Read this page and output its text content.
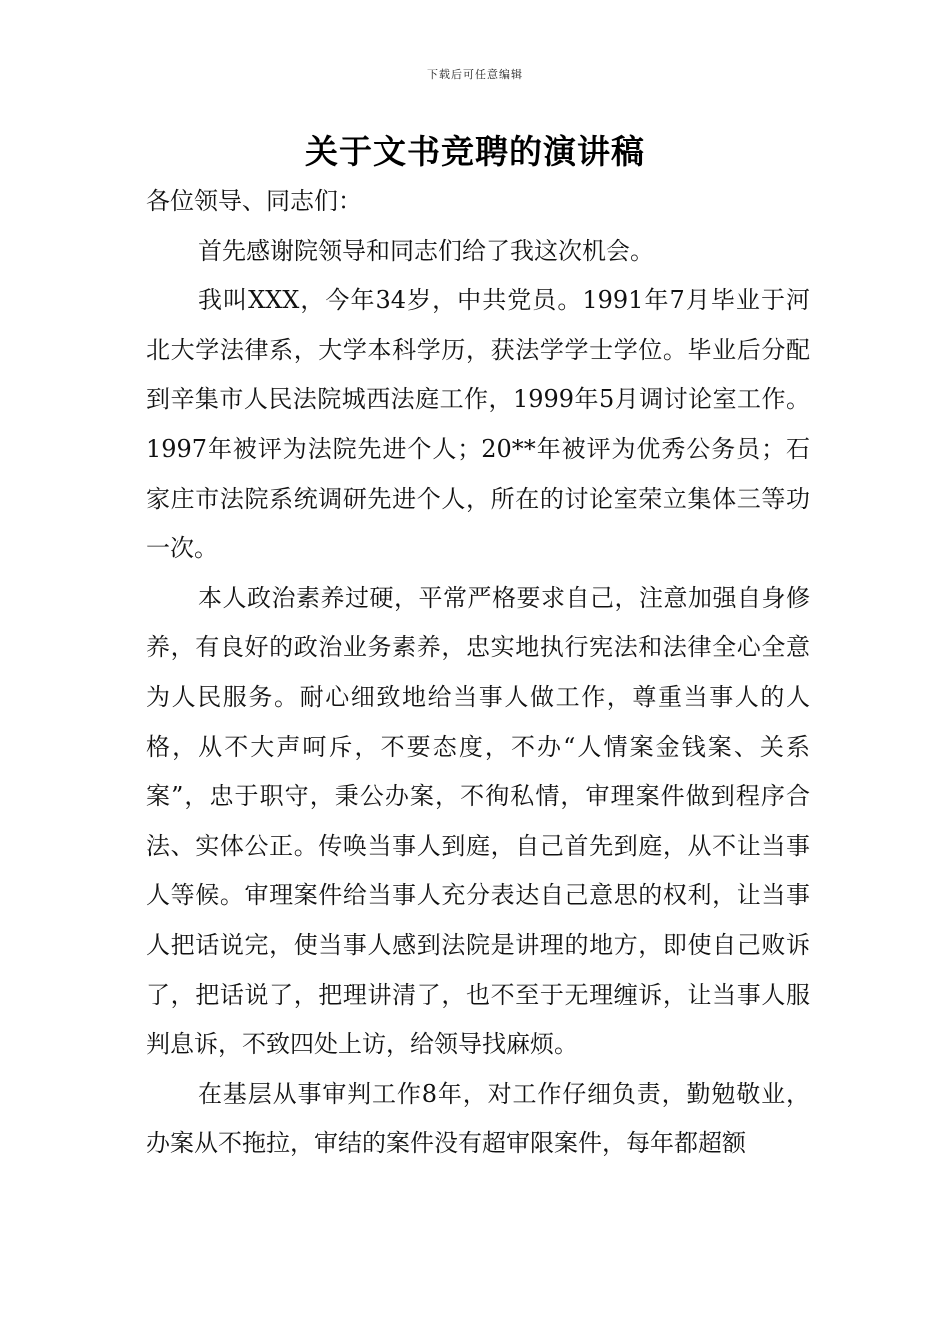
下载后可任意编辑
关于文书竞聘的演讲稿

各位领导、同志们：

首先感谢院领导和同志们给了我这次机会。

我叫XXX，今年34岁，中共党员。1991年7月毕业于河北大学法律系，大学本科学历，获法学学士学位。毕业后分配到辛集市人民法院城西法庭工作，1999年5月调讨论室工作。1997年被评为法院先进个人；20**年被评为优秀公务员；石家庄市法院系统调研先进个人，所在的讨论室荣立集体三等功一次。

本人政治素养过硬，平常严格要求自己，注意加强自身修养，有良好的政治业务素养，忠实地执行宪法和法律全心全意为人民服务。耐心细致地给当事人做工作，尊重当事人的人格，从不大声呵斥，不要态度，不办“人情案金钱案、关系案”，忠于职守，秉公办案，不徇私情，审理案件做到程序合法、实体公正。传唤当事人到庭，自己首先到庭，从不让当事人等候。审理案件给当事人充分表达自己意思的权利，让当事人把话说完，使当事人感到法院是讲理的地方，即使自己败诉了，把话说了，把理讲清了，也不至于无理缠诉，让当事人服判息诉，不致四处上访，给领导找麻烦。

在基层从事审判工作8年，对工作仔细负责，勤勉敬业，办案从不拖拉，审结的案件没有超审限案件，每年都超额
